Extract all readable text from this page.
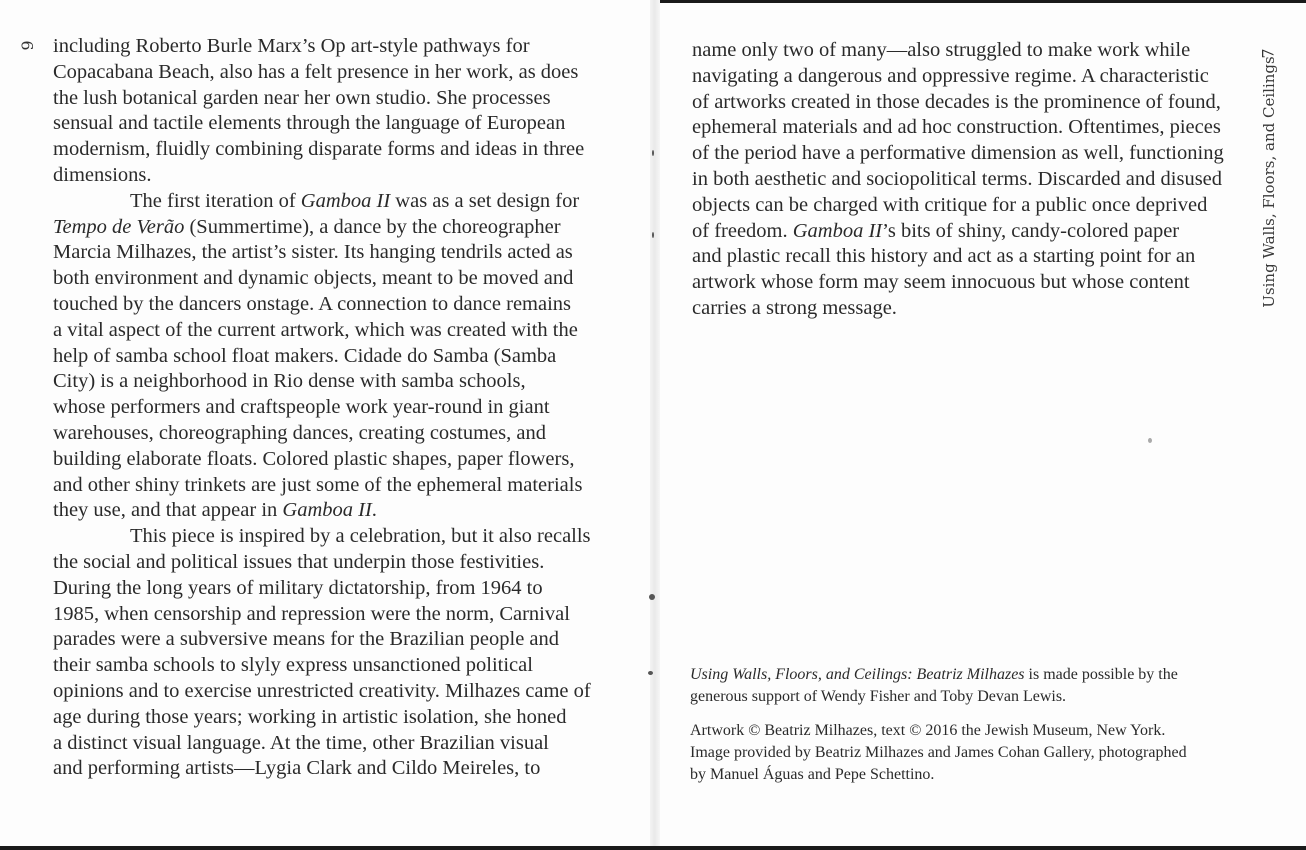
6
7
Using Walls, Floors, and Ceilings
including Roberto Burle Marx’s Op art-style pathways for
Copacabana Beach, also has a felt presence in her work, as does
the lush botanical garden near her own studio. She processes
sensual and tactile elements through the language of European
modernism, fluidly combining disparate forms and ideas in three
dimensions.
The first iteration of Gamboa II was as a set design for
Tempo de Verão (Summertime), a dance by the choreographer
Marcia Milhazes, the artist’s sister. Its hanging tendrils acted as
both environment and dynamic objects, meant to be moved and
touched by the dancers onstage. A connection to dance remains
a vital aspect of the current artwork, which was created with the
help of samba school float makers. Cidade do Samba (Samba
City) is a neighborhood in Rio dense with samba schools,
whose performers and craftspeople work year-round in giant
warehouses, choreographing dances, creating costumes, and
building elaborate floats. Colored plastic shapes, paper flowers,
and other shiny trinkets are just some of the ephemeral materials
they use, and that appear in Gamboa II.
This piece is inspired by a celebration, but it also recalls
the social and political issues that underpin those festivities.
During the long years of military dictatorship, from 1964 to
1985, when censorship and repression were the norm, Carnival
parades were a subversive means for the Brazilian people and
their samba schools to slyly express unsanctioned political
opinions and to exercise unrestricted creativity. Milhazes came of
age during those years; working in artistic isolation, she honed
a distinct visual language. At the time, other Brazilian visual
and performing artists—Lygia Clark and Cildo Meireles, to
name only two of many—also struggled to make work while
navigating a dangerous and oppressive regime. A characteristic
of artworks created in those decades is the prominence of found,
ephemeral materials and ad hoc construction. Oftentimes, pieces
of the period have a performative dimension as well, functioning
in both aesthetic and sociopolitical terms. Discarded and disused
objects can be charged with critique for a public once deprived
of freedom. Gamboa II’s bits of shiny, candy-colored paper
and plastic recall this history and act as a starting point for an
artwork whose form may seem innocuous but whose content
carries a strong message.
Using Walls, Floors, and Ceilings: Beatriz Milhazes is made possible by the
generous support of Wendy Fisher and Toby Devan Lewis.
Artwork © Beatriz Milhazes, text © 2016 the Jewish Museum, New York.
Image provided by Beatriz Milhazes and James Cohan Gallery, photographed
by Manuel Águas and Pepe Schettino.
